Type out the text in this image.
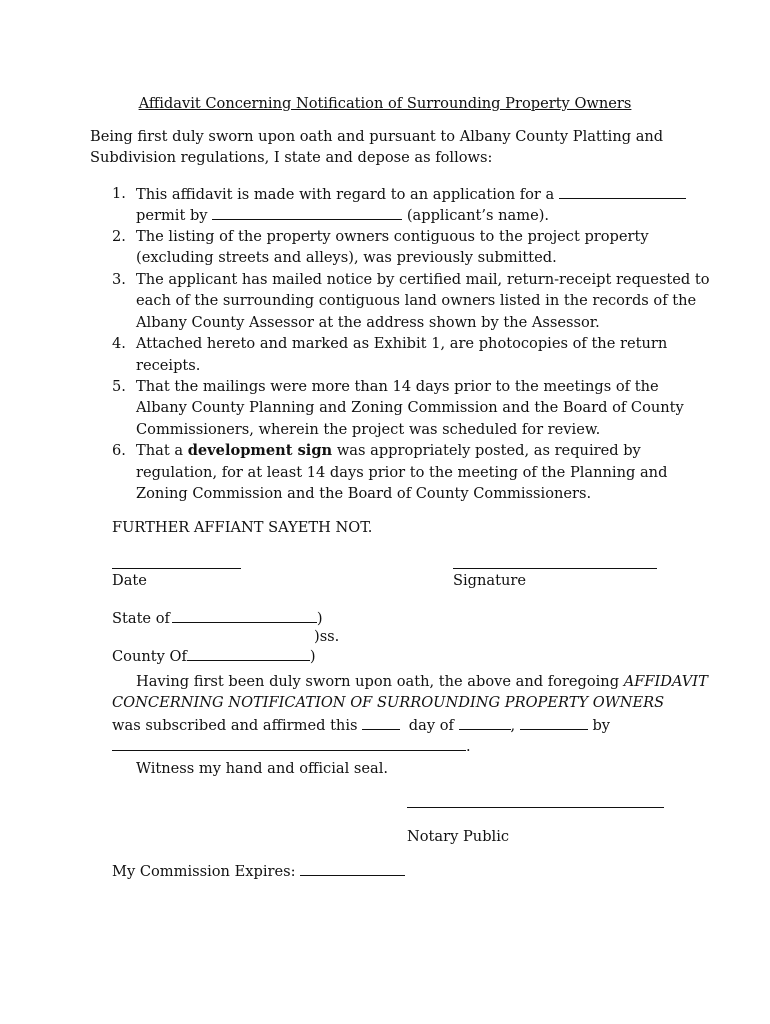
Affidavit Concerning Notification of Surrounding Property Owners
Being first duly sworn upon oath and pursuant to Albany County Platting and
Subdivision regulations, I state and depose as follows:
1. This affidavit is made with regard to an application for a
permit by	(applicant’s name).
2. The listing of the property owners contiguous to the project property
(excluding streets and alleys), was previously submitted.
3. The applicant has mailed notice by certified mail, return-receipt requested to
each of the surrounding contiguous land owners listed in the records of the
Albany County Assessor at the address shown by the Assessor.
4. Attached hereto and marked as Exhibit 1, are photocopies of the return
receipts.
5. That the mailings were more than 14 days prior to the meetings of the
Albany County Planning and Zoning Commission and the Board of County
Commissioners, wherein the project was scheduled for review.
6. That a development sign was appropriately posted, as required by
regulation, for at least 14 days prior to the meeting of the Planning and
Zoning Commission and the Board of County Commissioners.
FURTHER AFFIANT SAYETH NOT.
Date	Signature
State of	)
)ss.
County Of	)
Having first been duly sworn upon oath, the above and foregoing AFFIDAVIT
CONCERNING NOTIFICATION OF SURROUNDING PROPERTY OWNERS
was subscribed and affirmed this	day of	,	by
.
Witness my hand and official seal.
Notary Public
My Commission Expires:
